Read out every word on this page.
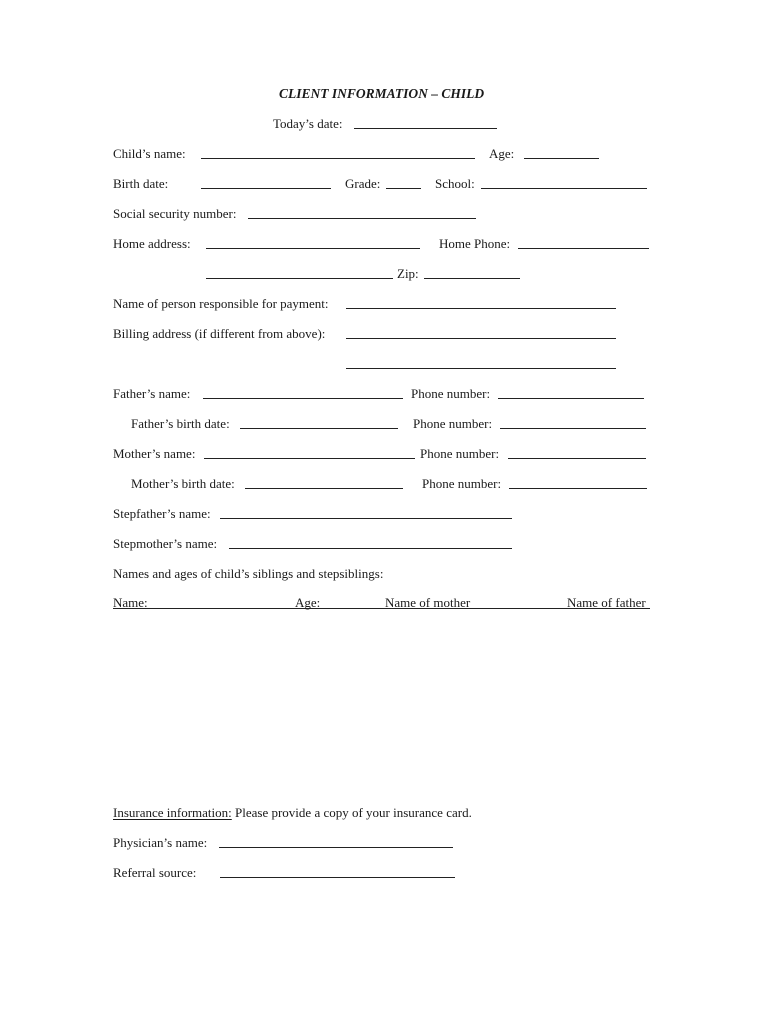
CLIENT INFORMATION – CHILD
Today’s date:
Child’s name:	Age:
Birth date:	Grade:	School:
Social security number:
Home address:	Home Phone:
Zip:
Name of person responsible for payment:
Billing address (if different from above):
Father’s name:	Phone number:
Father’s birth date:	Phone number:
Mother’s name:	Phone number:
Mother’s birth date:	Phone number:
Stepfather’s name:
Stepmother’s name:
Names and ages of child’s siblings and stepsiblings:
Name:	Age:	Name of mother	Name of father
Insurance information: Please provide a copy of your insurance card.
Physician’s name:
Referral source:
